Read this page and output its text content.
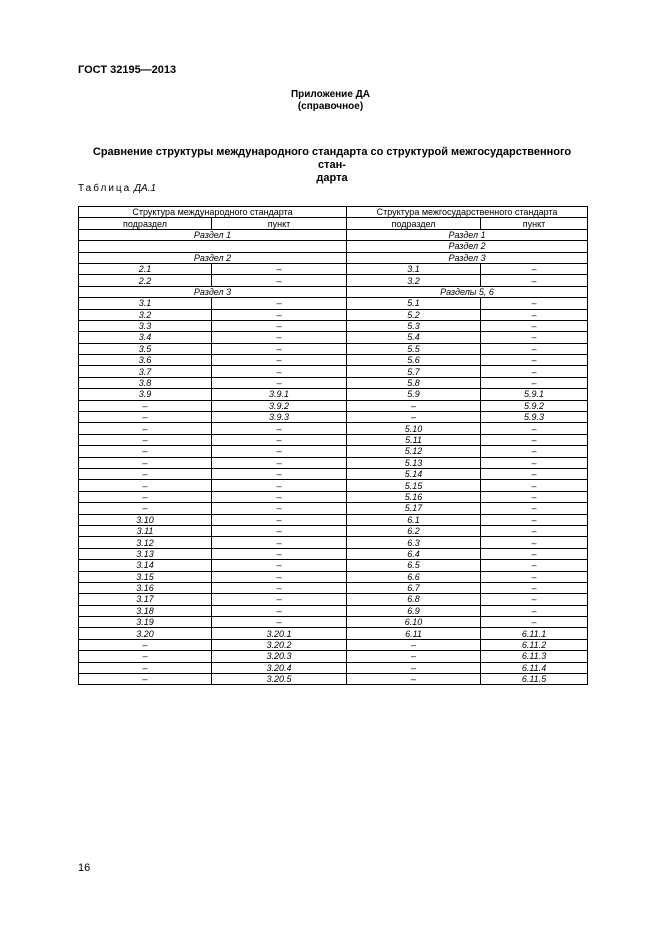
ГОСТ 32195—2013
Приложение ДА
(справочное)
Сравнение структуры международного стандарта со структурой межгосударственного стан-
дарта
Таблица ДА.1
Структура международного стандарта		Структура межгосударственного стандарта	
подраздел	пункт	подраздел	пункт
Раздел 1		Раздел 1	
		Раздел 2	
Раздел 2		Раздел 3	
2.1	–	3.1	–
2.2	–	3.2	–
Раздел 3		Разделы 5, 6	
3.1	–	5.1	–
3.2	–	5.2	–
3.3	–	5.3	–
3.4	–	5.4	–
3.5	–	5.5	–
3.6	–	5.6	–
3.7	–	5.7	–
3.8	–	5.8	–
3.9	3.9.1	5.9	5.9.1
–	3.9.2	–	5.9.2
–	3.9.3	–	5.9.3
–	–	5.10	–
–	–	5.11	–
–	–	5.12	–
–	–	5.13	–
–	–	5.14	–
–	–	5.15	–
–	–	5.16	–
–	–	5.17	–
3.10	–	6.1	–
3.11	–	6.2	–
3.12	–	6.3	–
3.13	–	6.4	–
3.14	–	6.5	–
3.15	–	6.6	–
3.16	–	6.7	–
3.17	–	6.8	–
3.18	–	6.9	–
3.19	–	6.10	–
3.20	3.20.1	6.11	6.11.1
–	3.20.2	–	6.11.2
–	3.20.3	–	6.11.3
–	3.20.4	–	6.11.4
–	3.20.5	–	6.11.5
16
